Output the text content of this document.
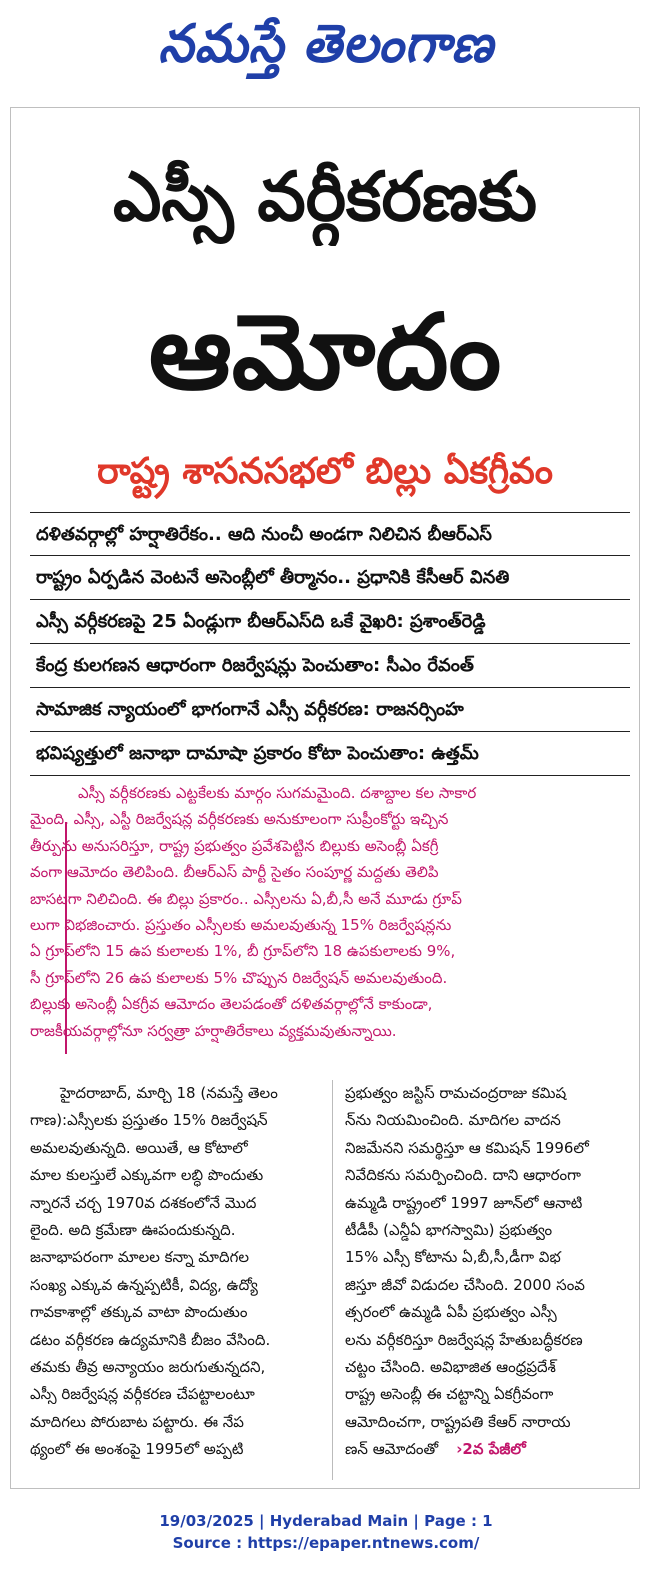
నమస్తే తెలంగాణ
ఎస్సీ వర్గీకరణకు
ఆమోదం
రాష్ట్ర శాసనసభలో బిల్లు ఏకగ్రీవం
దళితవర్గాల్లో హర్షాతిరేకం.. ఆది నుంచీ అండగా నిలిచిన బీఆర్ఎస్
రాష్ట్రం ఏర్పడిన వెంటనే అసెంబ్లీలో తీర్మానం.. ప్రధానికి కేసీఆర్ వినతి
ఎస్సీ వర్గీకరణపై 25 ఏండ్లుగా బీఆర్ఎస్‌ది ఒకే వైఖరి: ప్రశాంత్‌రెడ్డి
కేంద్ర కులగణన ఆధారంగా రిజర్వేషన్లు పెంచుతాం: సీఎం రేవంత్
సామాజిక న్యాయంలో భాగంగానే ఎస్సీ వర్గీకరణ: రాజనర్సింహ
భవిష్యత్తులో జనాభా దామాషా ప్రకారం కోటా పెంచుతాం: ఉత్తమ్
ఎస్సీ వర్గీకరణకు ఎట్టకేలకు మార్గం సుగమమైంది. దశాబ్దాల కల సాకార
మైంది. ఎస్సీ, ఎస్టీ రిజర్వేషన్ల వర్గీకరణకు అనుకూలంగా సుప్రీంకోర్టు ఇచ్చిన
తీర్పును అనుసరిస్తూ, రాష్ట్ర ప్రభుత్వం ప్రవేశపెట్టిన బిల్లుకు అసెంబ్లీ ఏకగ్రీ
వంగా ఆమోదం తెలిపింది. బీఆర్ఎస్ పార్టీ సైతం సంపూర్ణ మద్దతు తెలిపి
బాసటగా నిలిచింది. ఈ బిల్లు ప్రకారం.. ఎస్సీలను ఏ,బీ,సీ అనే మూడు గ్రూప్
లుగా విభజించారు. ప్రస్తుతం ఎస్సీలకు అమలవుతున్న 15% రిజర్వేషన్లను
ఏ గ్రూప్‌లోని 15 ఉప కులాలకు 1%, బీ గ్రూప్‌లోని 18 ఉపకులాలకు 9%,
సీ గ్రూప్‌లోని 26 ఉప కులాలకు 5% చొప్పున రిజర్వేషన్ అమలవుతుంది.
బిల్లుకు అసెంబ్లీ ఏకగ్రీవ ఆమోదం తెలపడంతో దళితవర్గాల్లోనే కాకుండా,
రాజకీయవర్గాల్లోనూ సర్వత్రా హర్షాతిరేకాలు వ్యక్తమవుతున్నాయి.
హైదరాబాద్, మార్చి 18 (నమస్తే తెలం
గాణ):ఎస్సీలకు ప్రస్తుతం 15% రిజర్వేషన్
అమలవుతున్నది. అయితే, ఆ కోటాలో
మాల కులస్తులే ఎక్కువగా లబ్ధి పొందుతు
న్నారనే చర్చ 1970వ దశకంలోనే మొద
లైంది. అది క్రమేణా ఊపందుకున్నది.
జనాభాపరంగా మాలల కన్నా మాదిగల
సంఖ్య ఎక్కువ ఉన్నప్పటికీ, విద్య, ఉద్యో
గావకాశాల్లో తక్కువ వాటా పొందుతుం
డటం వర్గీకరణ ఉద్యమానికి బీజం వేసింది.
తమకు తీవ్ర అన్యాయం జరుగుతున్నదని,
ఎస్సీ రిజర్వేషన్ల వర్గీకరణ చేపట్టాలంటూ
మాదిగలు పోరుబాట పట్టారు. ఈ నేప
థ్యంలో ఈ అంశంపై 1995లో అప్పటి
ప్రభుత్వం జస్టిస్ రామచంద్రరాజు కమిష
న్‌ను నియమించింది. మాదిగల వాదన
నిజమేనని సమర్థిస్తూ ఆ కమిషన్ 1996లో
నివేదికను సమర్పించింది. దాని ఆధారంగా
ఉమ్మడి రాష్ట్రంలో 1997 జూన్‌లో ఆనాటి
టీడీపీ (ఎన్డీఏ భాగస్వామి) ప్రభుత్వం
15% ఎస్సీ కోటాను ఏ,బీ,సీ,డీగా విభ
జిస్తూ జీవో విడుదల చేసింది. 2000 సంవ
త్సరంలో ఉమ్మడి ఏపీ ప్రభుత్వం ఎస్సీ
లను వర్గీకరిస్తూ రిజర్వేషన్ల హేతుబద్ధీకరణ
చట్టం చేసింది. అవిభాజిత ఆంధ్రప్రదేశ్
రాష్ట్ర అసెంబ్లీ ఈ చట్టాన్ని ఏకగ్రీవంగా
ఆమోదించగా, రాష్ట్రపతి కేఆర్ నారాయ
ణన్ ఆమోదంతో ›2వ పేజీలో
19/03/2025 | Hyderabad Main | Page : 1
Source : https://epaper.ntnews.com/
